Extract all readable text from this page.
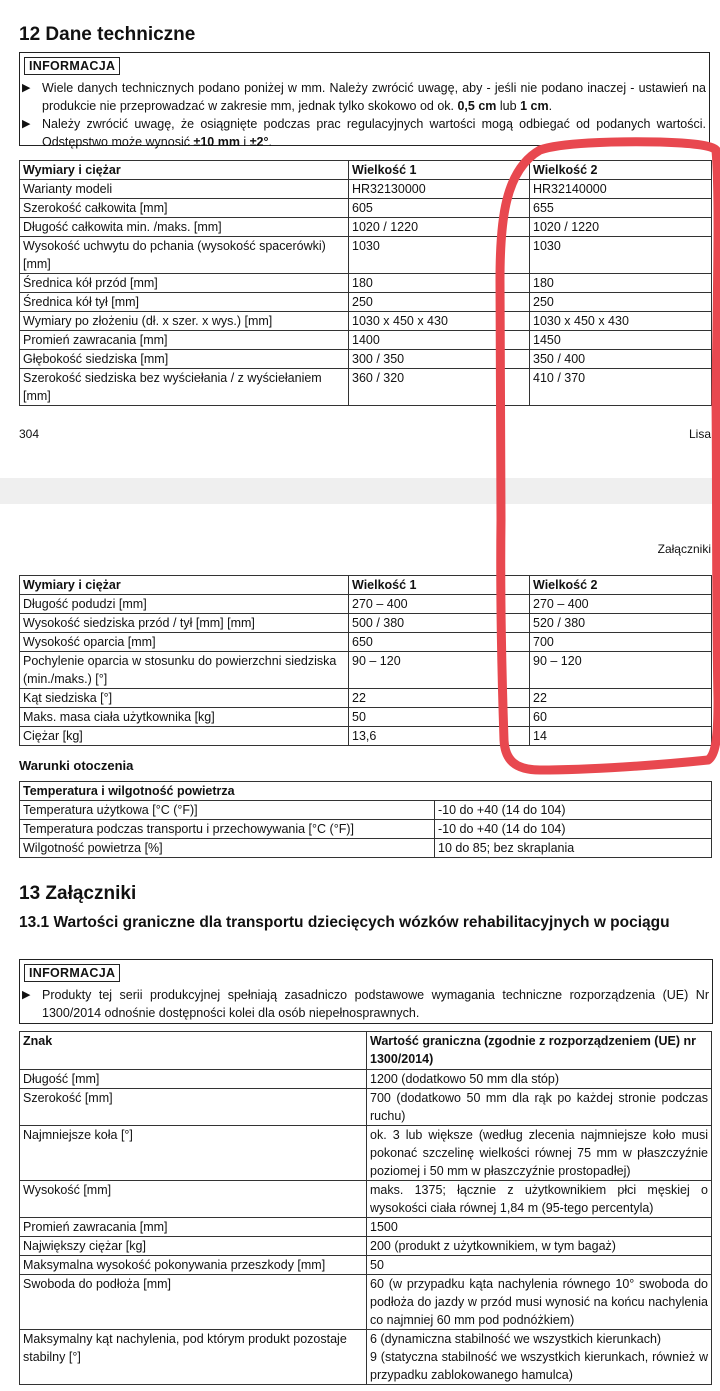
12 Dane techniczne
INFORMACJA
▶ Wiele danych technicznych podano poniżej w mm. Należy zwrócić uwagę, aby - jeśli nie podano inaczej - ustawień na produkcie nie przeprowadzać w zakresie mm, jednak tylko skokowo od ok. 0,5 cm lub 1 cm.
▶ Należy zwrócić uwagę, że osiągnięte podczas prac regulacyjnych wartości mogą odbiegać od podanych wartości. Odstępstwo może wynosić ±10 mm i ±2°.
Wymiary i ciężar	Wielkość 1	Wielkość 2
Warianty modeli	HR32130000	HR32140000
Szerokość całkowita [mm]	605	655
Długość całkowita min. /maks. [mm]	1020 / 1220	1020 / 1220
Wysokość uchwytu do pchania (wysokość spacerówki) [mm]	1030	1030
Średnica kół przód [mm]	180	180
Średnica kół tył [mm]	250	250
Wymiary po złożeniu (dł. x szer. x wys.) [mm]	1030 x 450 x 430	1030 x 450 x 430
Promień zawracania [mm]	1400	1450
Głębokość siedziska [mm]	300 / 350	350 / 400
Szerokość siedziska bez wyściełania / z wyściełaniem [mm]	360 / 320	410 / 370
304	Lisa
Załączniki
Wymiary i ciężar	Wielkość 1	Wielkość 2
Długość podudzi [mm]	270 – 400	270 – 400
Wysokość siedziska przód / tył [mm] [mm]	500 / 380	520 / 380
Wysokość oparcia [mm]	650	700
Pochylenie oparcia w stosunku do powierzchni siedziska (min./maks.) [°]	90 – 120	90 – 120
Kąt siedziska [°]	22	22
Maks. masa ciała użytkownika [kg]	50	60
Ciężar [kg]	13,6	14
Warunki otoczenia
Temperatura i wilgotność powietrza	
Temperatura użytkowa [°C (°F)]	-10 do +40 (14 do 104)
Temperatura podczas transportu i przechowywania [°C (°F)]	-10 do +40 (14 do 104)
Wilgotność powietrza [%]	10 do 85; bez skraplania
13 Załączniki
13.1 Wartości graniczne dla transportu dziecięcych wózków rehabilitacyjnych w pociągu
INFORMACJA
▶ Produkty tej serii produkcyjnej spełniają zasadniczo podstawowe wymagania techniczne rozporządzenia (UE) Nr 1300/2014 odnośnie dostępności kolei dla osób niepełnosprawnych.
Znak	Wartość graniczna (zgodnie z rozporządzeniem (UE) nr 1300/2014)
Długość [mm]	1200 (dodatkowo 50 mm dla stóp)
Szerokość [mm]	700 (dodatkowo 50 mm dla rąk po każdej stronie podczas ruchu)
Najmniejsze koła [°]	ok. 3 lub większe (według zlecenia najmniejsze koło musi pokonać szczelinę wielkości równej 75 mm w płaszczyźnie poziomej i 50 mm w płaszczyźnie prostopadłej)
Wysokość [mm]	maks. 1375; łącznie z użytkownikiem płci męskiej o wysokości ciała równej 1,84 m (95-tego percentyla)
Promień zawracania [mm]	1500
Największy ciężar [kg]	200 (produkt z użytkownikiem, w tym bagaż)
Maksymalna wysokość pokonywania przeszkody [mm]	50
Swoboda do podłoża [mm]	60 (w przypadku kąta nachylenia równego 10° swoboda do podłoża do jazdy w przód musi wynosić na końcu nachylenia co najmniej 60 mm pod podnóżkiem)
Maksymalny kąt nachylenia, pod którym produkt pozostaje stabilny [°]	6 (dynamiczna stabilność we wszystkich kierunkach)
9 (statyczna stabilność we wszystkich kierunkach, również w przypadku zablokowanego hamulca)
